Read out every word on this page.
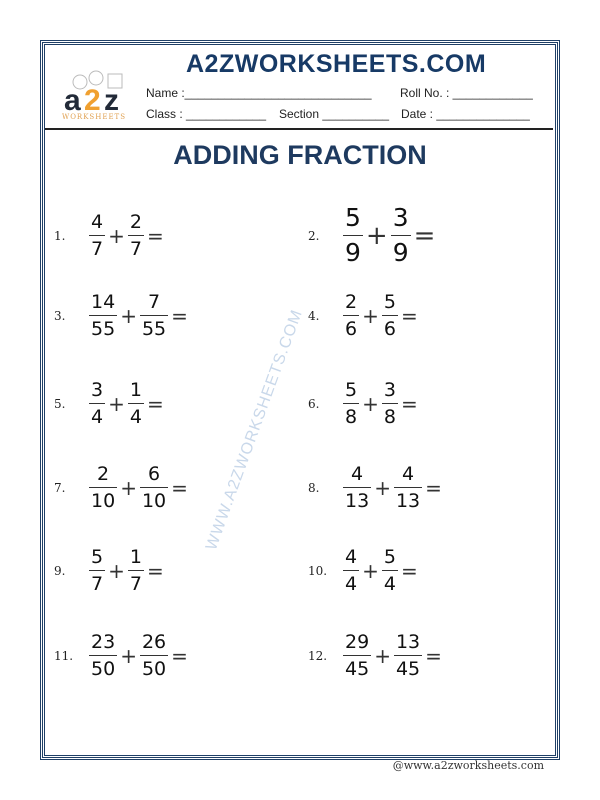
a 2 z
WORKSHEETS
A2ZWORKSHEETS.COM
Name :____________________________ Roll No. : ____________
Class : ____________ Section __________ Date : ______________
ADDING FRACTION
WWW.A2ZWORKSHEETS.COM
1.	$\frac{4}{7} + \frac{2}{7}$ =	2. $\frac{5}{9} + \frac{3}{9}$ =
3.	$\frac{14}{55} + \frac{7}{55}$ =	4.	$\frac{2}{6} + \frac{5}{6}$ =
5.	$\frac{3}{4} + \frac{1}{4}$ =	6.	$\frac{5}{8} + \frac{3}{8}$ =
7.	$\frac{2}{10} + \frac{6}{10}$ =	8.	$\frac{4}{13} + \frac{4}{13}$ =
9.	$\frac{5}{7} + \frac{1}{7}$ =	10. $\frac{4}{4} + \frac{5}{4}$ =
11. $\frac{23}{50} + \frac{26}{50}$ =	12. $\frac{29}{45} + \frac{13}{45}$ =
@www.a2zworksheets.com
